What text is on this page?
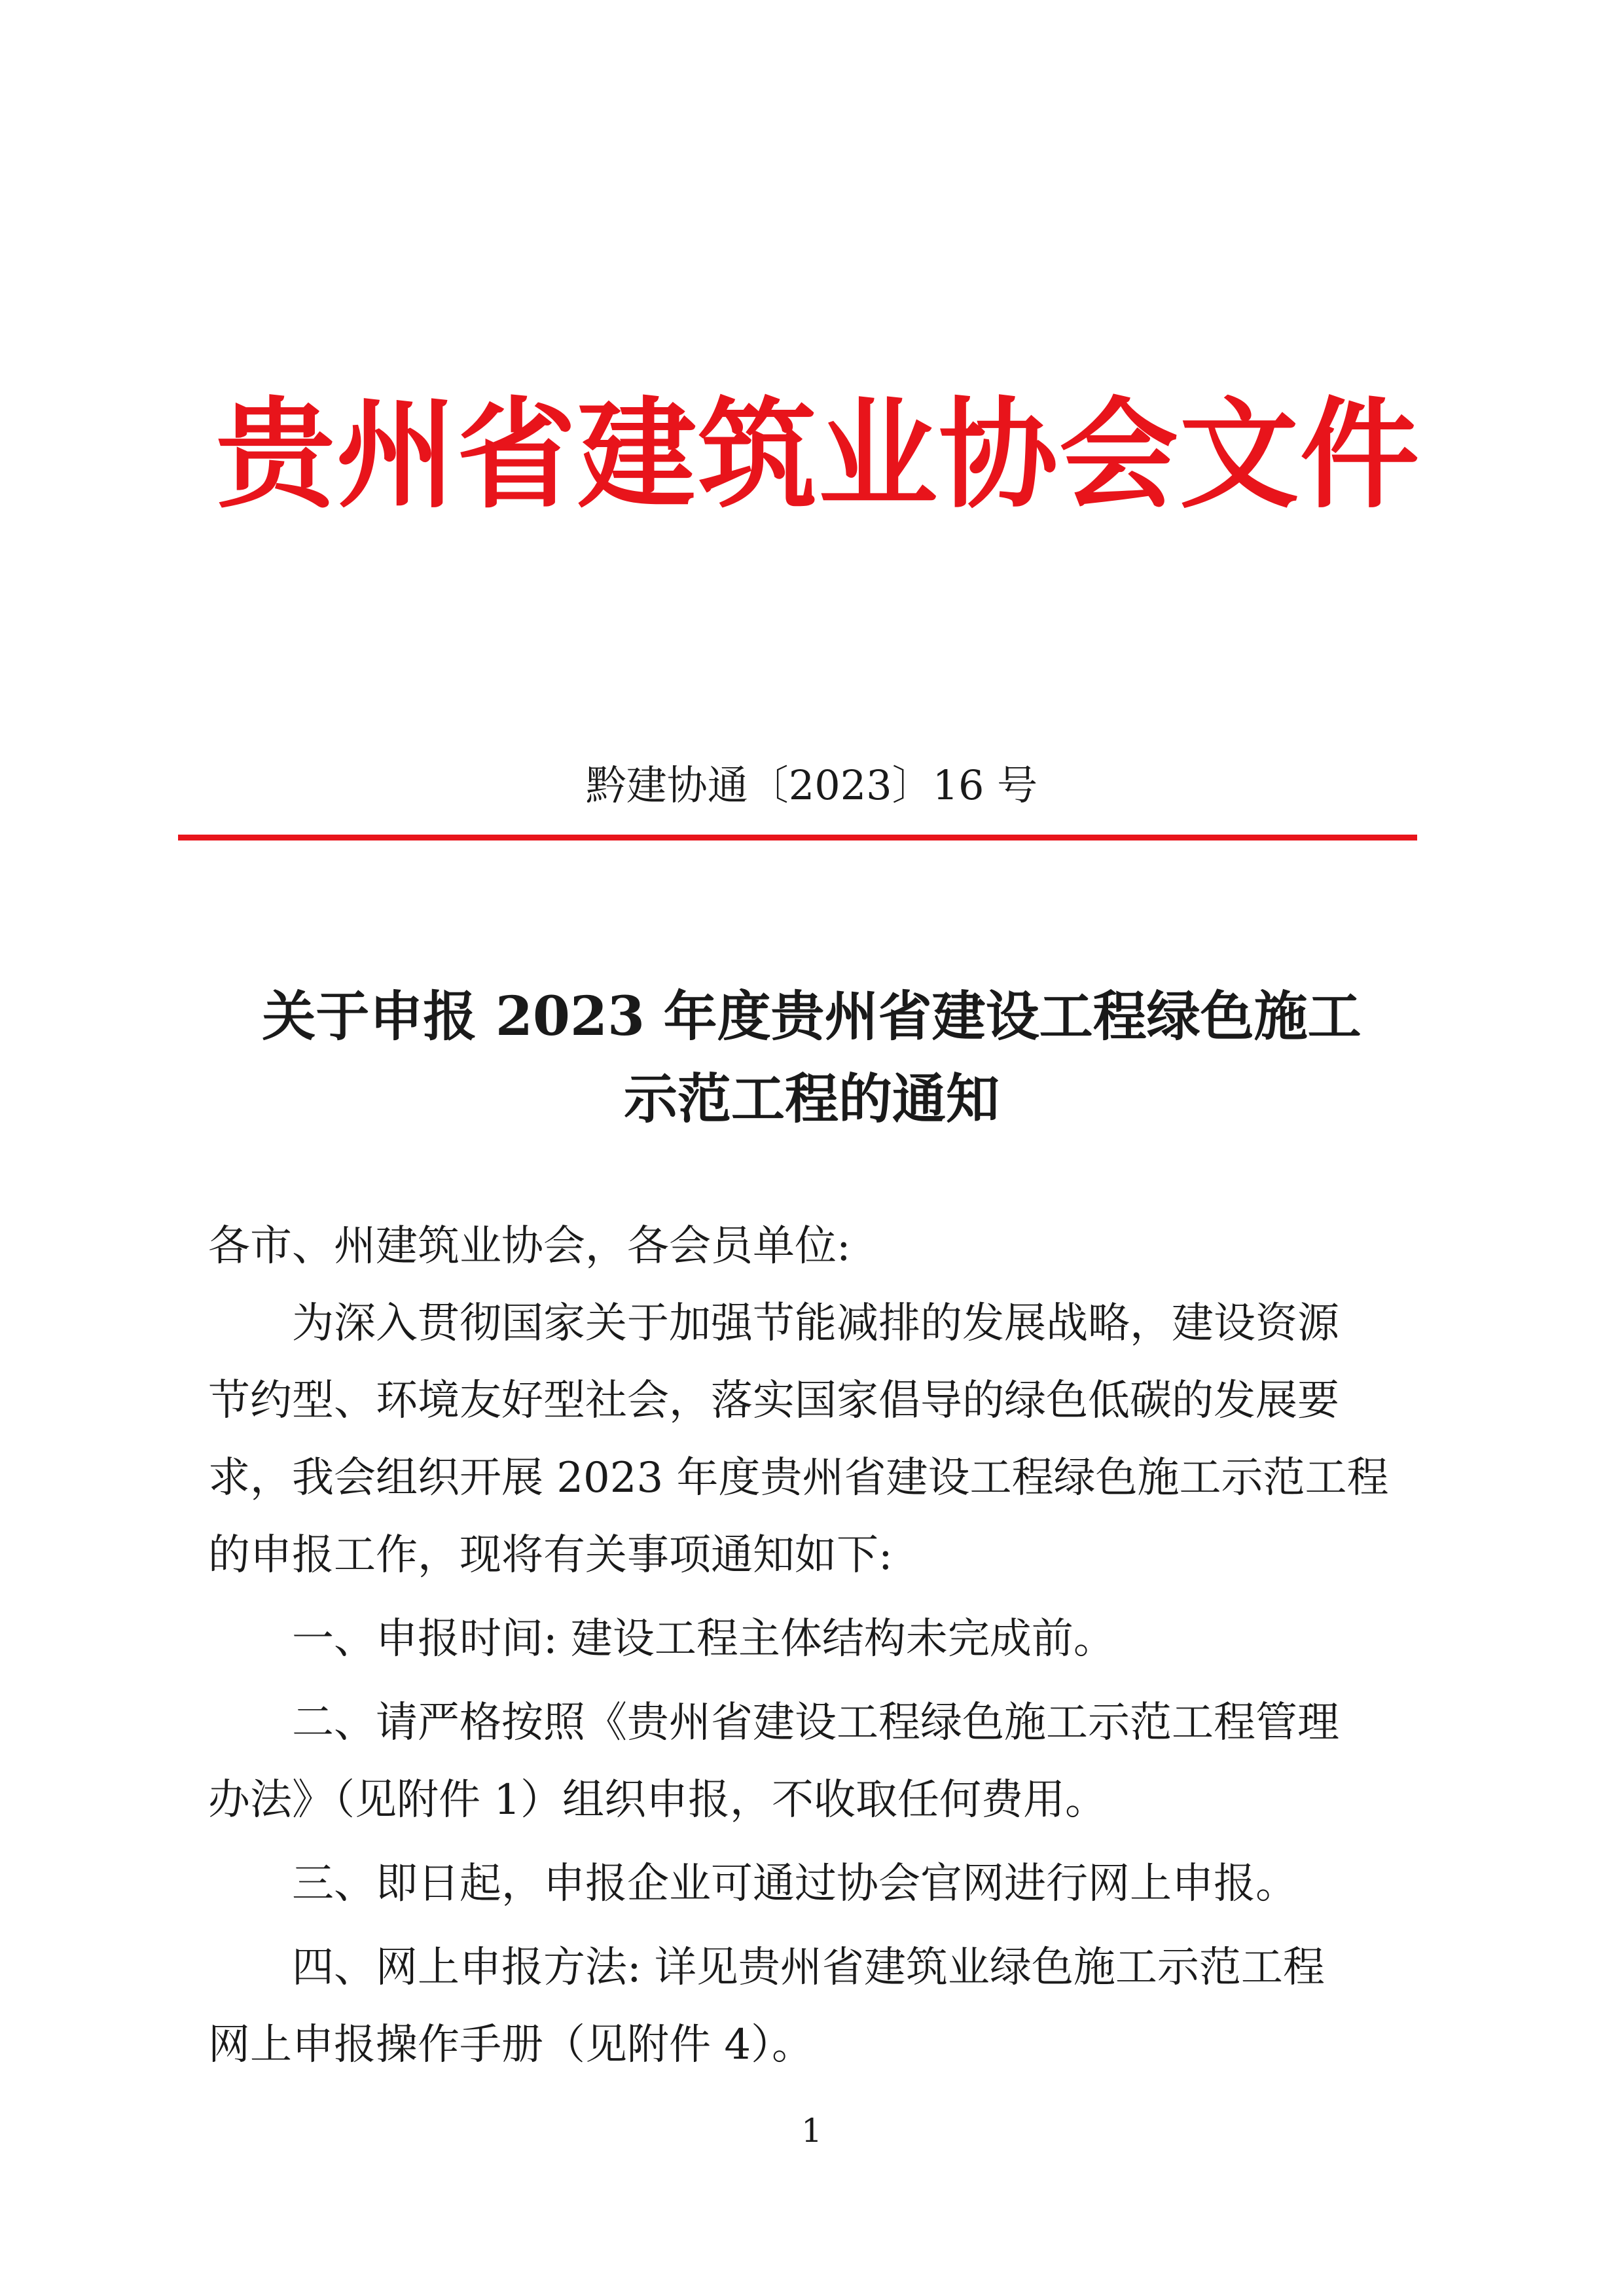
贵州省建筑业协会文件
黔建协通〔2023〕16 号
关于申报 2023 年度贵州省建设工程绿色施工
示范工程的通知

各市、州建筑业协会，各会员单位:

为深入贯彻国家关于加强节能减排的发展战略，建设资源
节约型、环境友好型社会，落实国家倡导的绿色低碳的发展要
求，我会组织开展 2023 年度贵州省建设工程绿色施工示范工程
的申报工作，现将有关事项通知如下:

一、申报时间: 建设工程主体结构未完成前。

二、请严格按照《贵州省建设工程绿色施工示范工程管理
办法》（见附件 1）组织申报，不收取任何费用。

三、即日起，申报企业可通过协会官网进行网上申报。

四、网上申报方法: 详见贵州省建筑业绿色施工示范工程
网上申报操作手册（见附件 4）。

1
